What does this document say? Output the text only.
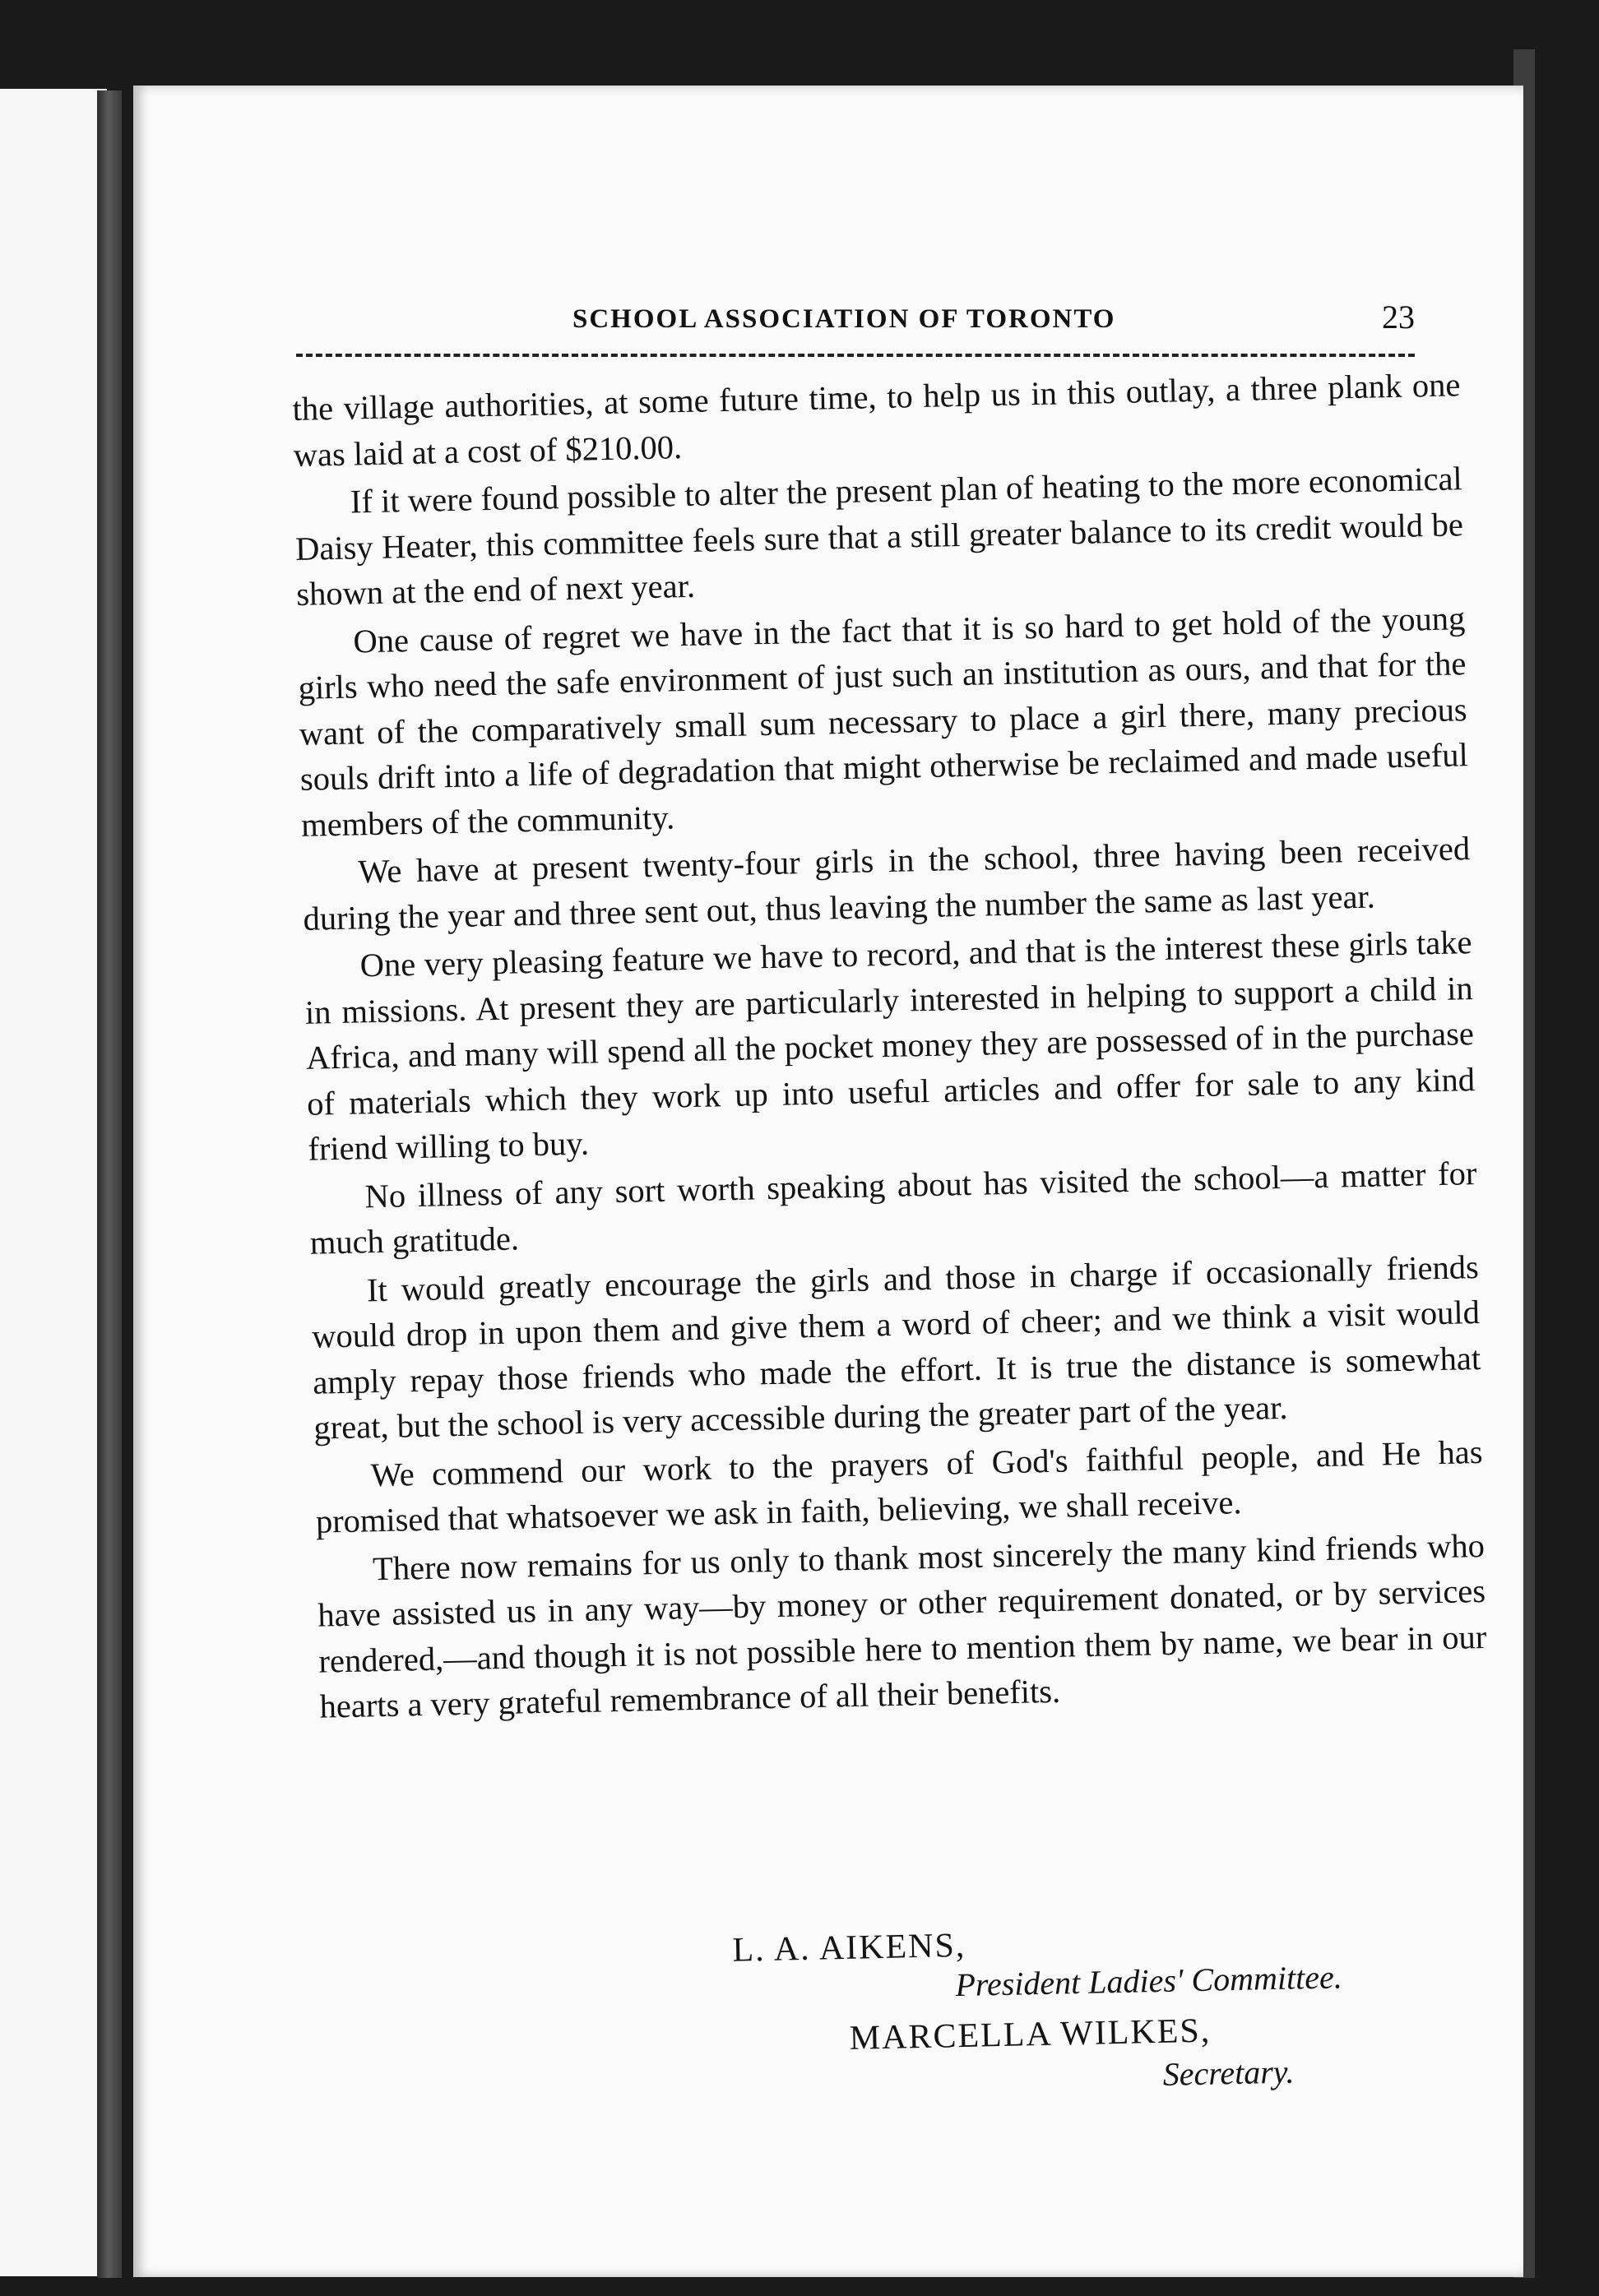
SCHOOL ASSOCIATION OF TORONTO	23

the village authorities, at some future time, to help us in this outlay, a three plank one was laid at a cost of $210.00.

If it were found possible to alter the present plan of heating to the more economical Daisy Heater, this committee feels sure that a still greater balance to its credit would be shown at the end of next year.

One cause of regret we have in the fact that it is so hard to get hold of the young girls who need the safe environment of just such an institution as ours, and that for the want of the comparatively small sum necessary to place a girl there, many precious souls drift into a life of degradation that might otherwise be reclaimed and made useful members of the community.

We have at present twenty-four girls in the school, three having been received during the year and three sent out, thus leaving the number the same as last year.

One very pleasing feature we have to record, and that is the interest these girls take in missions. At present they are particularly interested in helping to support a child in Africa, and many will spend all the pocket money they are possessed of in the purchase of materials which they work up into useful articles and offer for sale to any kind friend willing to buy.

No illness of any sort worth speaking about has visited the school—a matter for much gratitude.

It would greatly encourage the girls and those in charge if occasionally friends would drop in upon them and give them a word of cheer; and we think a visit would amply repay those friends who made the effort. It is true the distance is somewhat great, but the school is very accessible during the greater part of the year.

We commend our work to the prayers of God's faithful people, and He has promised that whatsoever we ask in faith, believing, we shall receive.

There now remains for us only to thank most sincerely the many kind friends who have assisted us in any way—by money or other requirement donated, or by services rendered,—and though it is not possible here to mention them by name, we bear in our hearts a very grateful remembrance of all their benefits.

L. A. AIKENS,
President Ladies' Committee.
MARCELLA WILKES,
Secretary.
